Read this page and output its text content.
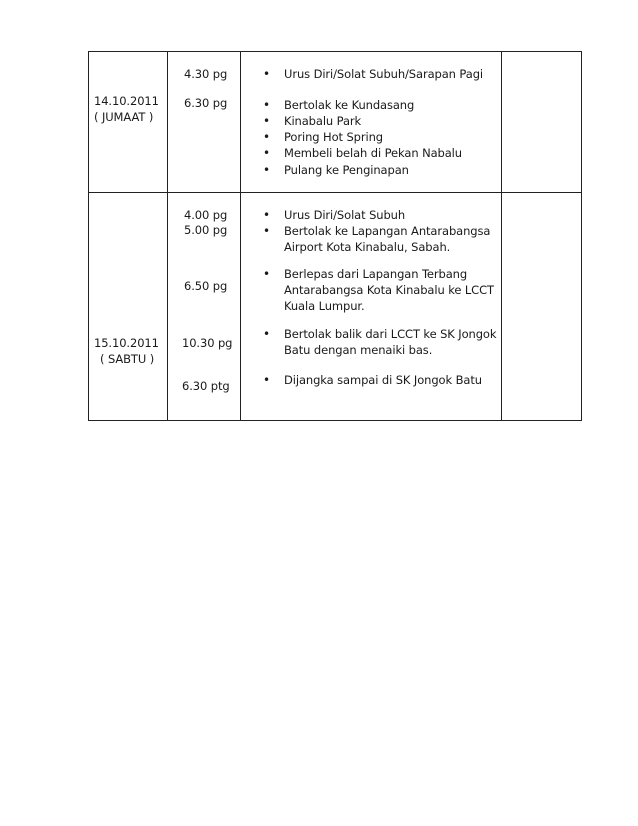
14.10.2011
( JUMAAT )
4.30 pg
6.30 pg
• Urus Diri/Solat Subuh/Sarapan Pagi
• Bertolak ke Kundasang
• Kinabalu Park
• Poring Hot Spring
• Membeli belah di Pekan Nabalu
• Pulang ke Penginapan
15.10.2011
( SABTU )
4.00 pg
5.00 pg
6.50 pg
10.30 pg
6.30 ptg
• Urus Diri/Solat Subuh
• Bertolak ke Lapangan Antarabangsa
Airport Kota Kinabalu, Sabah.
• Berlepas dari Lapangan Terbang
Antarabangsa Kota Kinabalu ke LCCT
Kuala Lumpur.
• Bertolak balik dari LCCT ke SK Jongok
Batu dengan menaiki bas.
• Dijangka sampai di SK Jongok Batu
